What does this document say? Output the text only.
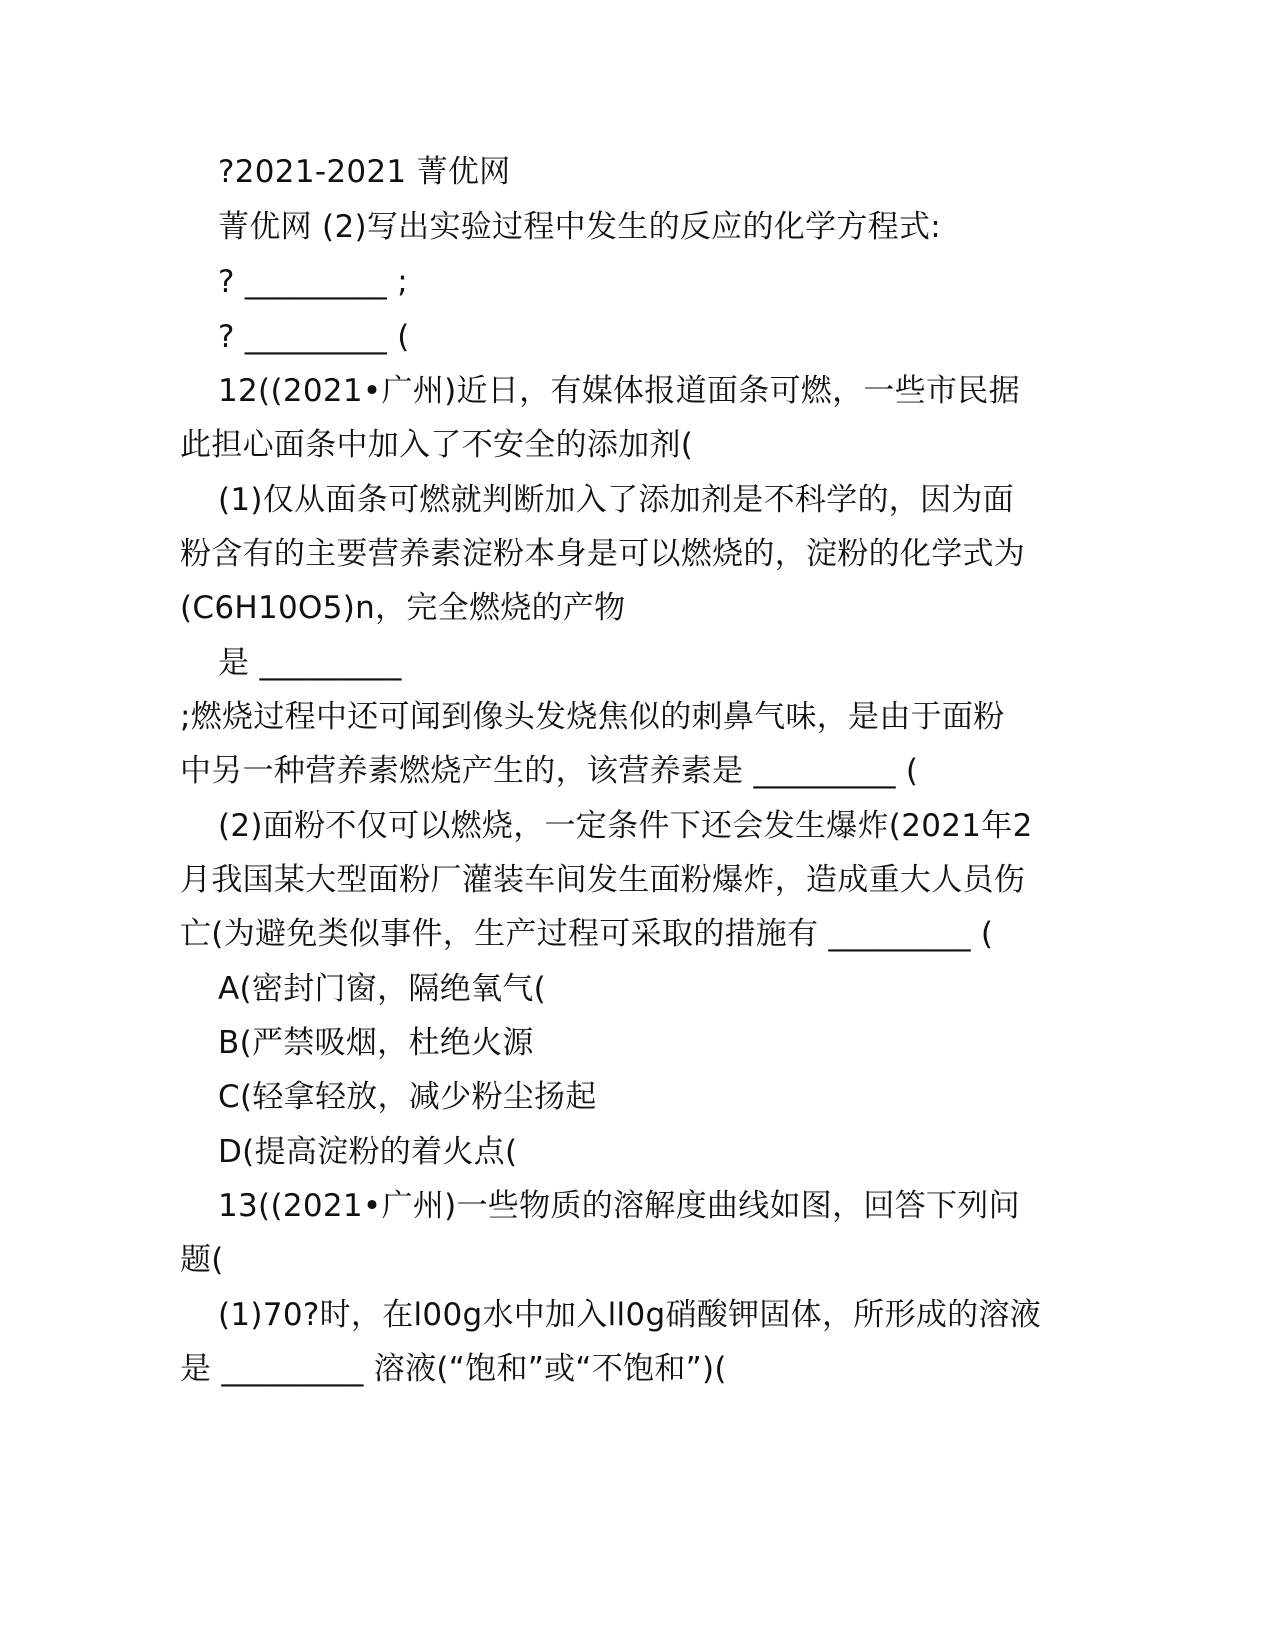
?2021-2021 菁优网
菁优网 (2)写出实验过程中发生的反应的化学方程式:
? _________ ;
? _________ (
12((2021•广州)近日，有媒体报道面条可燃，一些市民据
此担心面条中加入了不安全的添加剂(
(1)仅从面条可燃就判断加入了添加剂是不科学的，因为面
粉含有的主要营养素淀粉本身是可以燃烧的，淀粉的化学式为
(C6H10O5)n，完全燃烧的产物
是 _________
;燃烧过程中还可闻到像头发烧焦似的刺鼻气味，是由于面粉
中另一种营养素燃烧产生的，该营养素是 _________ (
(2)面粉不仅可以燃烧，一定条件下还会发生爆炸(2021年2
月我国某大型面粉厂灌装车间发生面粉爆炸，造成重大人员伤
亡(为避免类似事件，生产过程可采取的措施有 _________ (
A(密封门窗，隔绝氧气(
B(严禁吸烟，杜绝火源
C(轻拿轻放，减少粉尘扬起
D(提高淀粉的着火点(
13((2021•广州)一些物质的溶解度曲线如图，回答下列问
题(
(1)70?时，在l00g水中加入ll0g硝酸钾固体，所形成的溶液
是 _________ 溶液(“饱和”或“不饱和”)(
